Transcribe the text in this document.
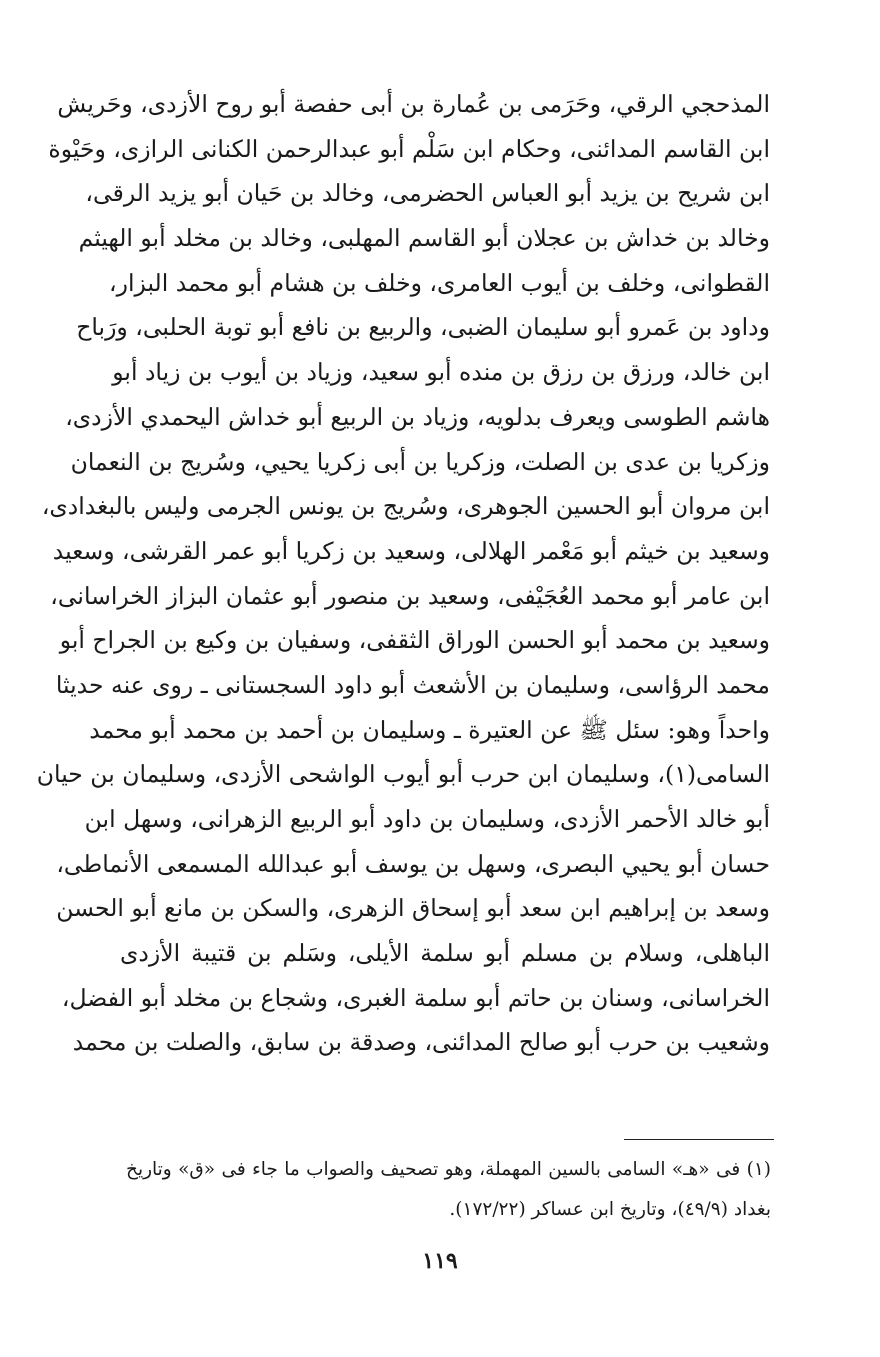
المذحجي الرقي، وحَرَمى بن عُمارة بن أبى حفصة أبو روح الأزدى، وحَريش
ابن القاسم المدائنى، وحكام ابن سَلْم أبو عبدالرحمن الكنانى الرازى، وحَيْوة
ابن شريح بن يزيد أبو العباس الحضرمى، وخالد بن حَيان أبو يزيد الرقى،
وخالد بن خداش بن عجلان أبو القاسم المهلبى، وخالد بن مخلد أبو الهيثم
القطوانى، وخلف بن أيوب العامرى، وخلف بن هشام أبو محمد البزار،
وداود بن عَمرو أبو سليمان الضبى، والربيع بن نافع أبو توبة الحلبى، ورَباح
ابن خالد، ورزق بن رزق بن منده أبو سعيد، وزياد بن أيوب بن زياد أبو
هاشم الطوسى ويعرف بدلويه، وزياد بن الربيع أبو خداش اليحمدي الأزدى،
وزكريا بن عدى بن الصلت، وزكريا بن أبى زكريا يحيي، وسُريج بن النعمان
ابن مروان أبو الحسين الجوهرى، وسُريج بن يونس الجرمى وليس بالبغدادى،
وسعيد بن خيثم أبو مَعْمر الهلالى، وسعيد بن زكريا أبو عمر القرشى، وسعيد
ابن عامر أبو محمد العُجَيْفى، وسعيد بن منصور أبو عثمان البزاز الخراسانى،
وسعيد بن محمد أبو الحسن الوراق الثقفى، وسفيان بن وكيع بن الجراح أبو
محمد الرؤاسى، وسليمان بن الأشعث أبو داود السجستانى ـ روى عنه حديثا
واحداً وهو: سئل ﷺ عن العتيرة ـ وسليمان بن أحمد بن محمد أبو محمد
السامى(١)، وسليمان ابن حرب أبو أيوب الواشحى الأزدى، وسليمان بن حيان
أبو خالد الأحمر الأزدى، وسليمان بن داود أبو الربيع الزهرانى، وسهل ابن
حسان أبو يحيي البصرى، وسهل بن يوسف أبو عبدالله المسمعى الأنماطى،
وسعد بن إبراهيم ابن سعد أبو إسحاق الزهرى، والسكن بن مانع أبو الحسن
الباهلى، وسلام بن مسلم أبو سلمة الأيلى، وسَلم بن قتيبة الأزدى
الخراسانى، وسنان بن حاتم أبو سلمة الغبرى، وشجاع بن مخلد أبو الفضل،
وشعيب بن حرب أبو صالح المدائنى، وصدقة بن سابق، والصلت بن محمد
(١) فى «هـ» السامى بالسين المهملة، وهو تصحيف والصواب ما جاء فى «ق» وتاريخ
بغداد (٤٩/٩)، وتاريخ ابن عساكر (١٧٢/٢٢).
١١٩
